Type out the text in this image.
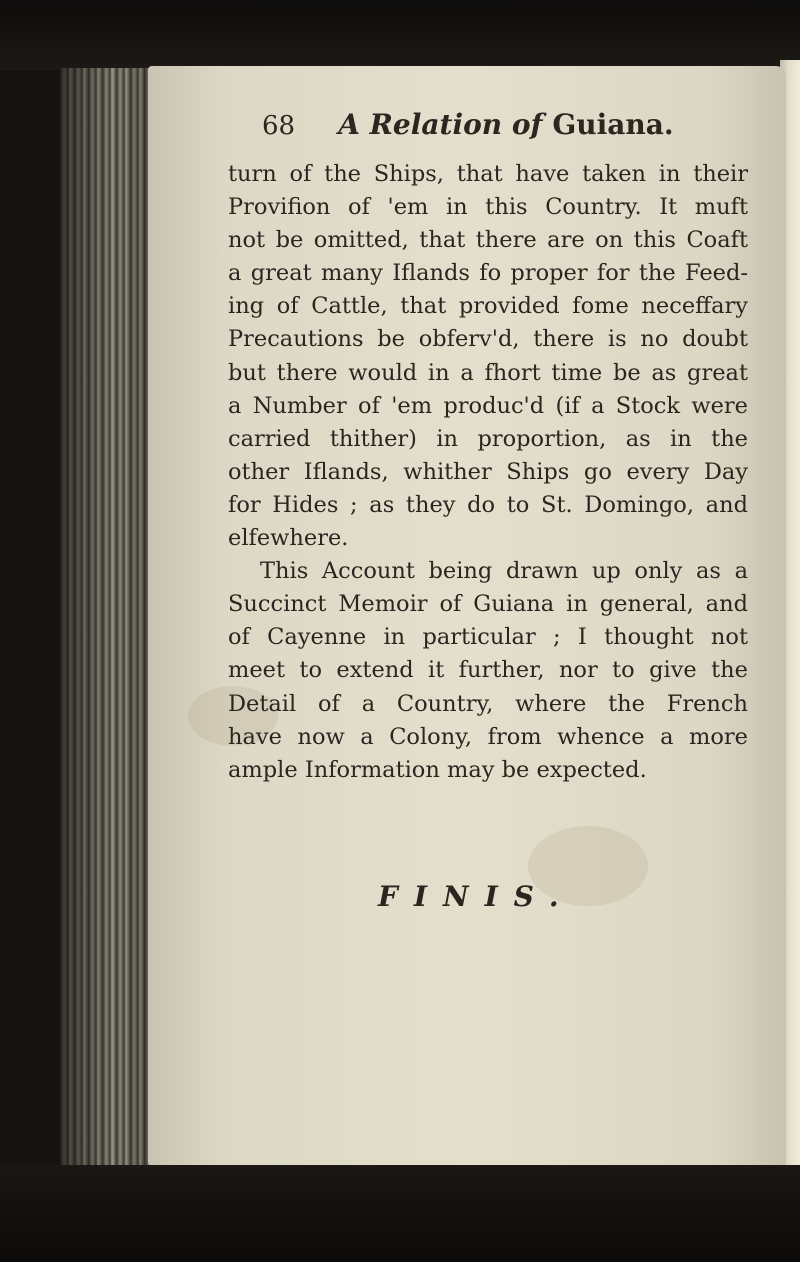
68 A Relation of Guiana.
turn of the Ships, that have taken in their
Provifion of 'em in this Country. It muft
not be omitted, that there are on this Coaft
a great many Iflands fo proper for the Feed-
ing of Cattle, that provided fome neceffary
Precautions be obferv'd, there is no doubt
but there would in a fhort time be as great
a Number of 'em produc'd (if a Stock were
carried thither) in proportion, as in the
other Iflands, whither Ships go every Day
for Hides ; as they do to St. Domingo, and
elfewhere.
This Account being drawn up only as a
Succinct Memoir of Guiana in general, and
of Cayenne in particular ; I thought not
meet to extend it further, nor to give the
Detail of a Country, where the French
have now a Colony, from whence a more
ample Information may be expected.
FINIS.
